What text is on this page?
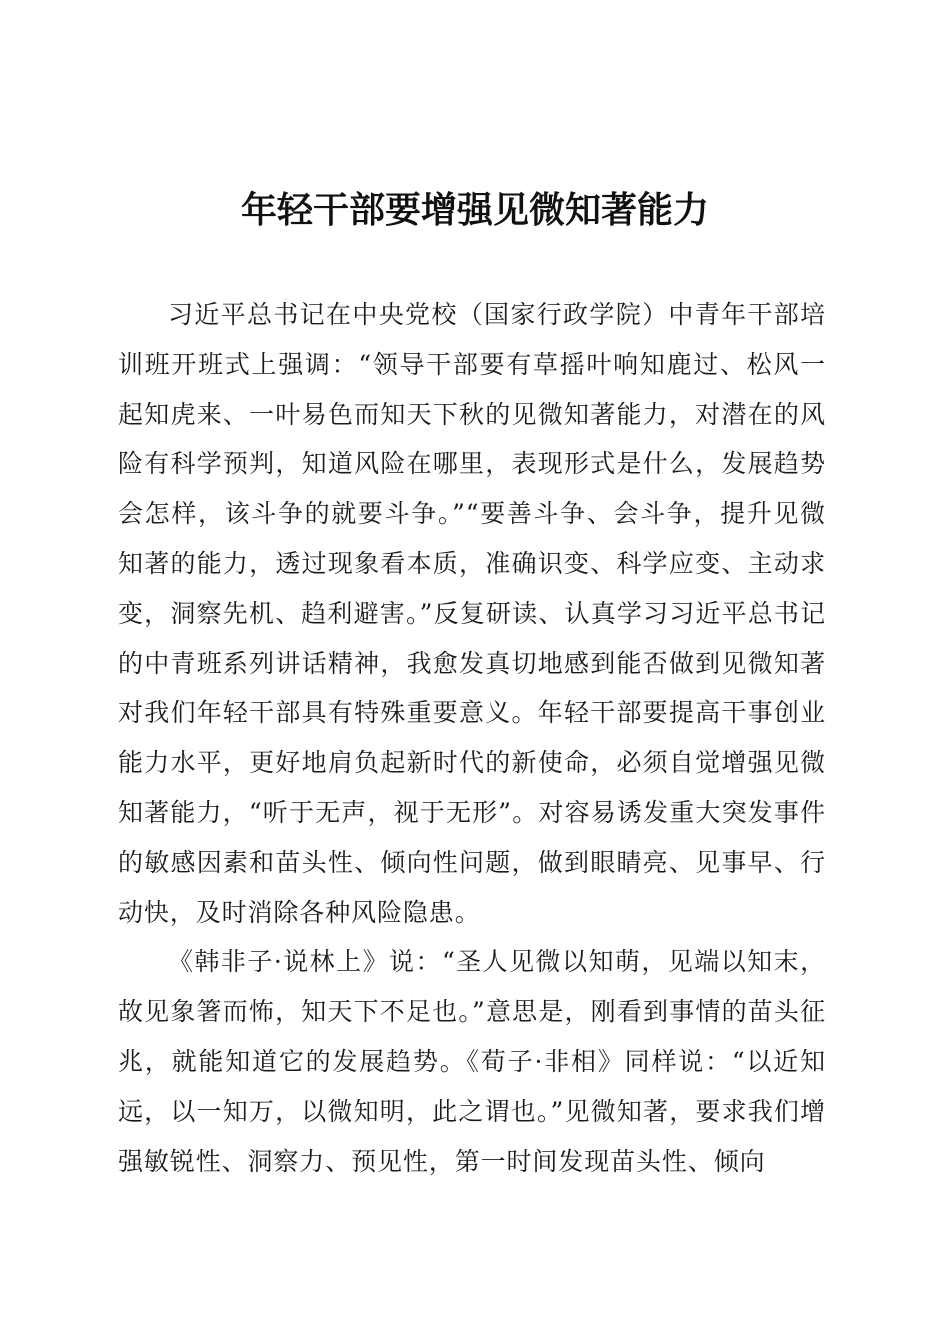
年轻干部要增强见微知著能力

习近平总书记在中央党校（国家行政学院）中青年干部培训班开班式上强调：“领导干部要有草摇叶响知鹿过、松风一起知虎来、一叶易色而知天下秋的见微知著能力，对潜在的风险有科学预判，知道风险在哪里，表现形式是什么，发展趋势会怎样，该斗争的就要斗争。”“要善斗争、会斗争，提升见微知著的能力，透过现象看本质，准确识变、科学应变、主动求变，洞察先机、趋利避害。”反复研读、认真学习习近平总书记的中青班系列讲话精神，我愈发真切地感到能否做到见微知著对我们年轻干部具有特殊重要意义。年轻干部要提高干事创业能力水平，更好地肩负起新时代的新使命，必须自觉增强见微知著能力，“听于无声，视于无形”。对容易诱发重大突发事件的敏感因素和苗头性、倾向性问题，做到眼睛亮、见事早、行动快，及时消除各种风险隐患。

《韩非子·说林上》说：“圣人见微以知萌，见端以知末，故见象箸而怖，知天下不足也。”意思是，刚看到事情的苗头征兆，就能知道它的发展趋势。《荀子·非相》同样说：“以近知远，以一知万，以微知明，此之谓也。”见微知著，要求我们增强敏锐性、洞察力、预见性，第一时间发现苗头性、倾向
